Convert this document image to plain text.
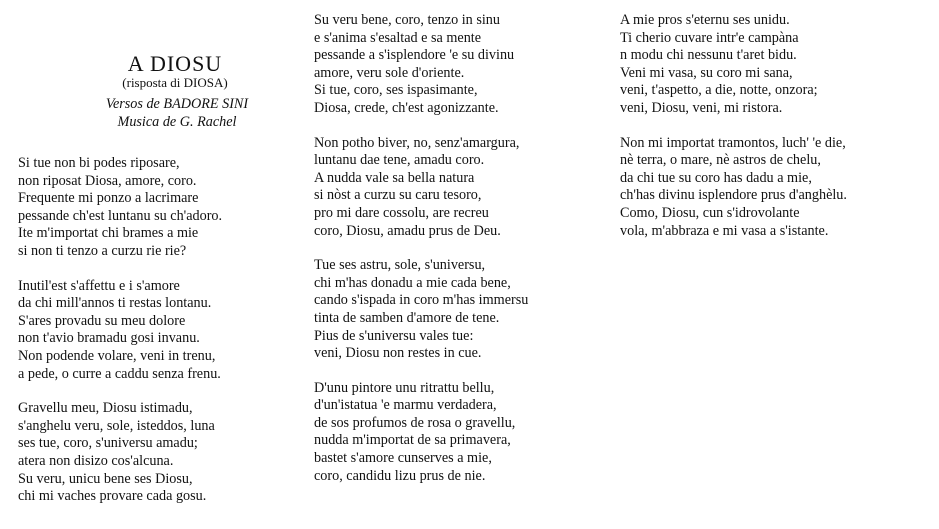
A DIOSU
(risposta di DIOSA)
Versos de BADORE SINI
Musica de G. Rachel
Si tue non bi podes riposare,
non riposat Diosa, amore, coro.
Frequente mi ponzo a lacrimare
pessande ch'est luntanu su ch'adoro.
Ite m'importat chi brames a mie
si non ti tenzo a curzu rie rie?
Inutil'est s'affettu e i s'amore
da chi mill'annos ti restas lontanu.
S'ares provadu su meu dolore
non t'avio bramadu gosi invanu.
Non podende volare, veni in trenu,
a pede, o curre a caddu senza frenu.
Gravellu meu, Diosu istimadu,
s'anghelu veru, sole, isteddos, luna
ses tue, coro, s'universu amadu;
atera non disizo cos'alcuna.
Su veru, unicu bene ses Diosu,
chi mi vaches provare cada gosu.
Su veru bene, coro, tenzo in sinu
e s'anima s'esaltad e sa mente
pessande a s'isplendore 'e su divinu
amore, veru sole d'oriente.
Si tue, coro, ses ispasimante,
Diosa, crede, ch'est agonizzante.
Non potho biver, no, senz'amargura,
luntanu dae tene, amadu coro.
A nudda vale sa bella natura
si nòst a curzu su caru tesoro,
pro mi dare cossolu, are recreu
coro, Diosu, amadu prus de Deu.
Tue ses astru, sole, s'universu,
chi m'has donadu a mie cada bene,
cando s'ispada in coro m'has immersu
tinta de samben d'amore de tene.
Pius de s'universu vales tue:
veni, Diosu non restes in cue.
D'unu pintore unu ritrattu bellu,
d'un'istatua 'e marmu verdadera,
de sos profumos de rosa o gravellu,
nudda m'importat de sa primavera,
bastet s'amore cunserves a mie,
coro, candidu lizu prus de nie.
A mie pros s'eternu ses unidu.
Ti cherio cuvare intr'e campàna
n modu chi nessunu t'aret bidu.
Veni mi vasa, su coro mi sana,
veni, t'aspetto, a die, notte, onzora;
veni, Diosu, veni, mi ristora.
Non mi importat tramontos, luch' 'e die,
nè terra, o mare, nè astros de chelu,
da chi tue su coro has dadu a mie,
ch'has divinu isplendore prus d'anghèlu.
Como, Diosu, cun s'idrovolante
vola, m'abbraza e mi vasa a s'istante.
